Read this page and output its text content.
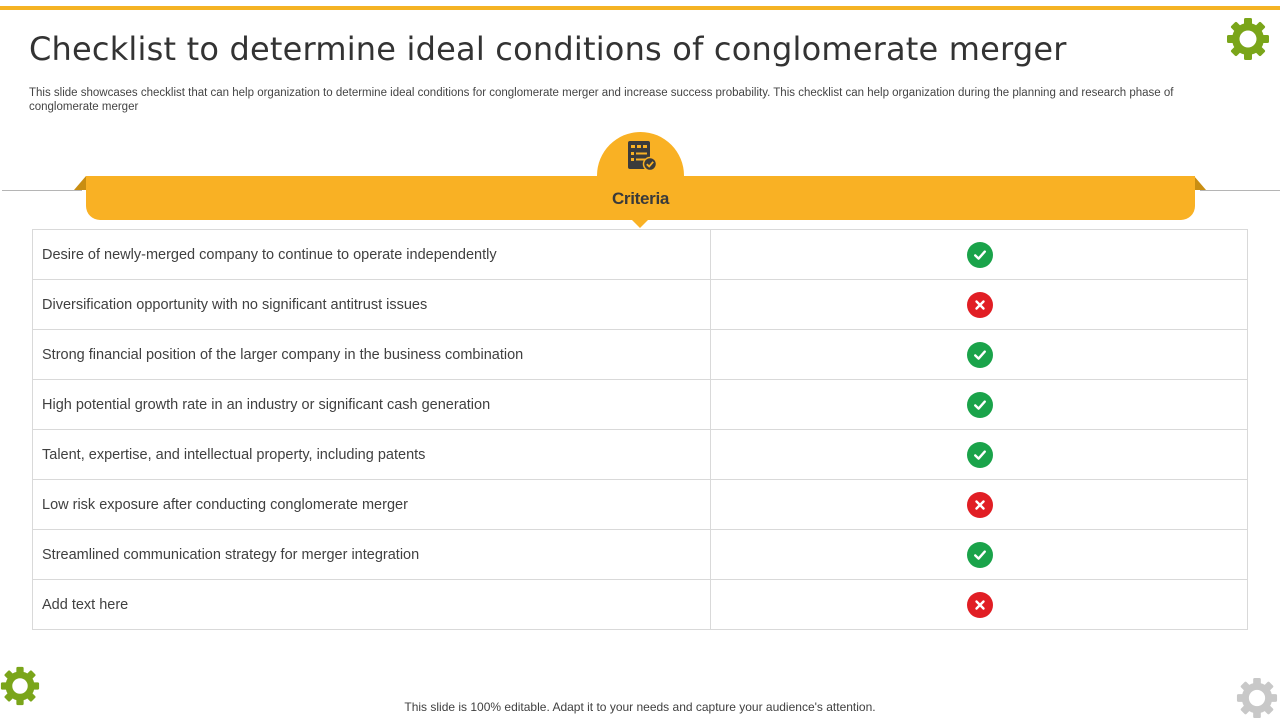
Checklist to determine ideal conditions of conglomerate merger

This slide showcases checklist that can help organization to determine ideal conditions for conglomerate merger and increase success probability. This checklist can help organization during the planning and research phase of conglomerate merger

Criteria
Desire of newly-merged company to continue to operate independently
Diversification opportunity with no significant antitrust issues
Strong financial position of the larger company in the business combination
High potential growth rate in an industry or significant cash generation
Talent, expertise, and intellectual property, including patents
Low risk exposure after conducting conglomerate merger
Streamlined communication strategy for merger integration
Add text here
This slide is 100% editable. Adapt it to your needs and capture your audience's attention.
